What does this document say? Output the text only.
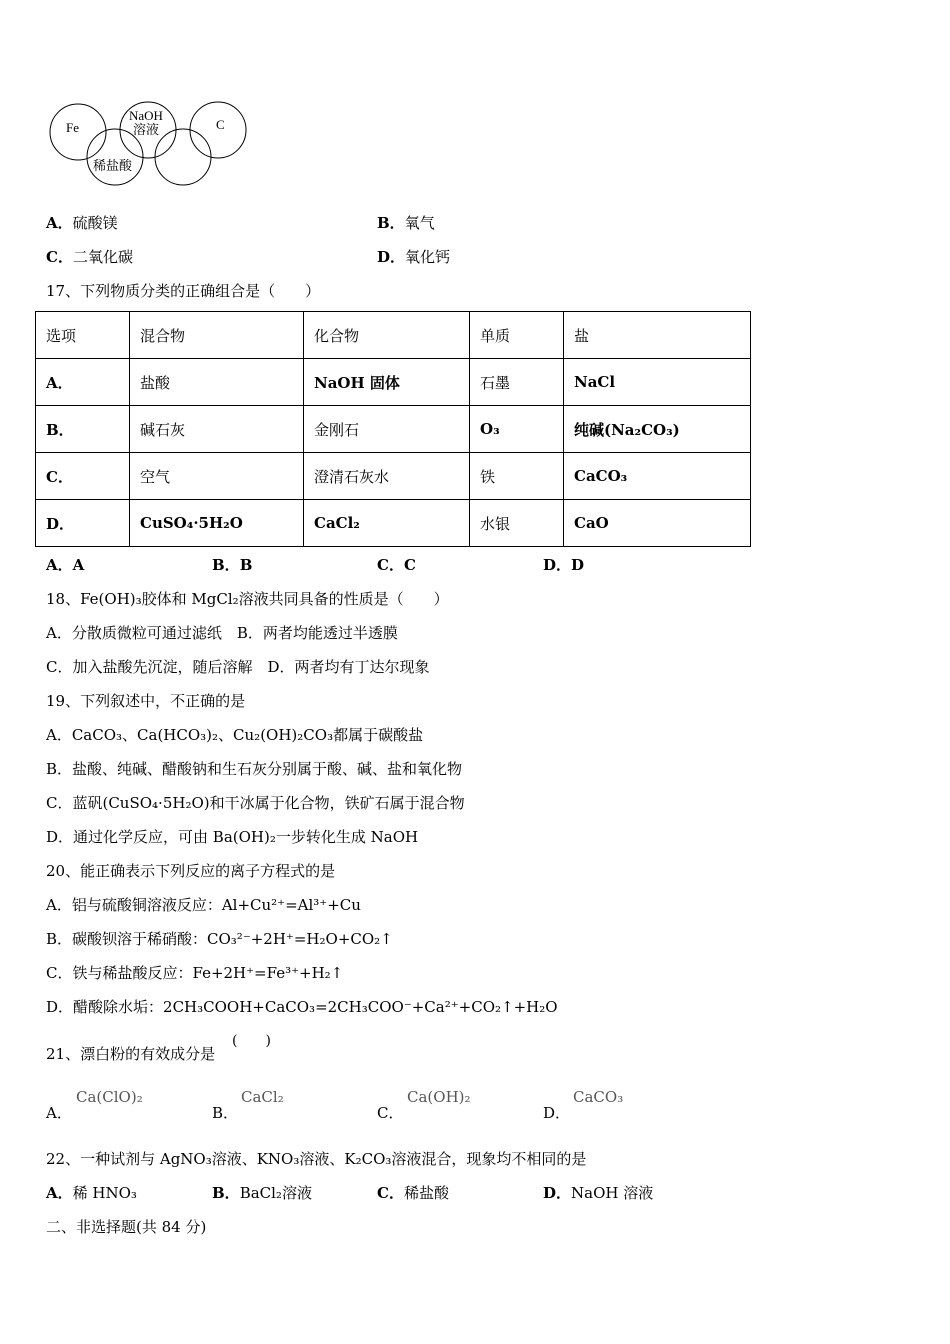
Fe
NaOH
溶液	C
稀盐酸
A．硫酸镁	B．氧气
C．二氧化碳	D．氧化钙
17、下列物质分类的正确组合是（　　）
选项	混合物	化合物	单质	盐
A．	盐酸	NaOH 固体	石墨	NaCl
B．	碱石灰	金刚石	O₃	纯碱(Na₂CO₃)
C．	空气	澄清石灰水	铁	CaCO₃
D．	CuSO₄·5H₂O	CaCl₂	水银	CaO
A．A	B．B	C．C	D．D
18、Fe(OH)₃胶体和 MgCl₂溶液共同具备的性质是（　　）
A．分散质微粒可通过滤纸　B．两者均能透过半透膜
C．加入盐酸先沉淀，随后溶解　D．两者均有丁达尔现象
19、下列叙述中，不正确的是
A．CaCO₃、Ca(HCO₃)₂、Cu₂(OH)₂CO₃都属于碳酸盐
B．盐酸、纯碱、醋酸钠和生石灰分别属于酸、碱、盐和氧化物
C．蓝矾(CuSO₄·5H₂O)和干冰属于化合物，铁矿石属于混合物
D．通过化学反应，可由 Ba(OH)₂一步转化生成 NaOH
20、能正确表示下列反应的离子方程式的是
A．铝与硫酸铜溶液反应：Al+Cu²⁺=Al³⁺+Cu
B．碳酸钡溶于稀硝酸：CO₃²⁻+2H⁺=H₂O+CO₂↑
C．铁与稀盐酸反应：Fe+2H⁺=Fe³⁺+H₂↑
D．醋酸除水垢：2CH₃COOH+CaCO₃=2CH₃COO⁻+Ca²⁺+CO₂↑+H₂O
21、漂白粉的有效成分是
(　　)
A．
Ca(ClO)₂
B．
CaCl₂
C．
Ca(OH)₂
D．
CaCO₃
22、一种试剂与 AgNO₃溶液、KNO₃溶液、K₂CO₃溶液混合，现象均不相同的是
A．稀 HNO₃	B．BaCl₂溶液	C．稀盐酸	D．NaOH 溶液
二、非选择题(共 84 分)
